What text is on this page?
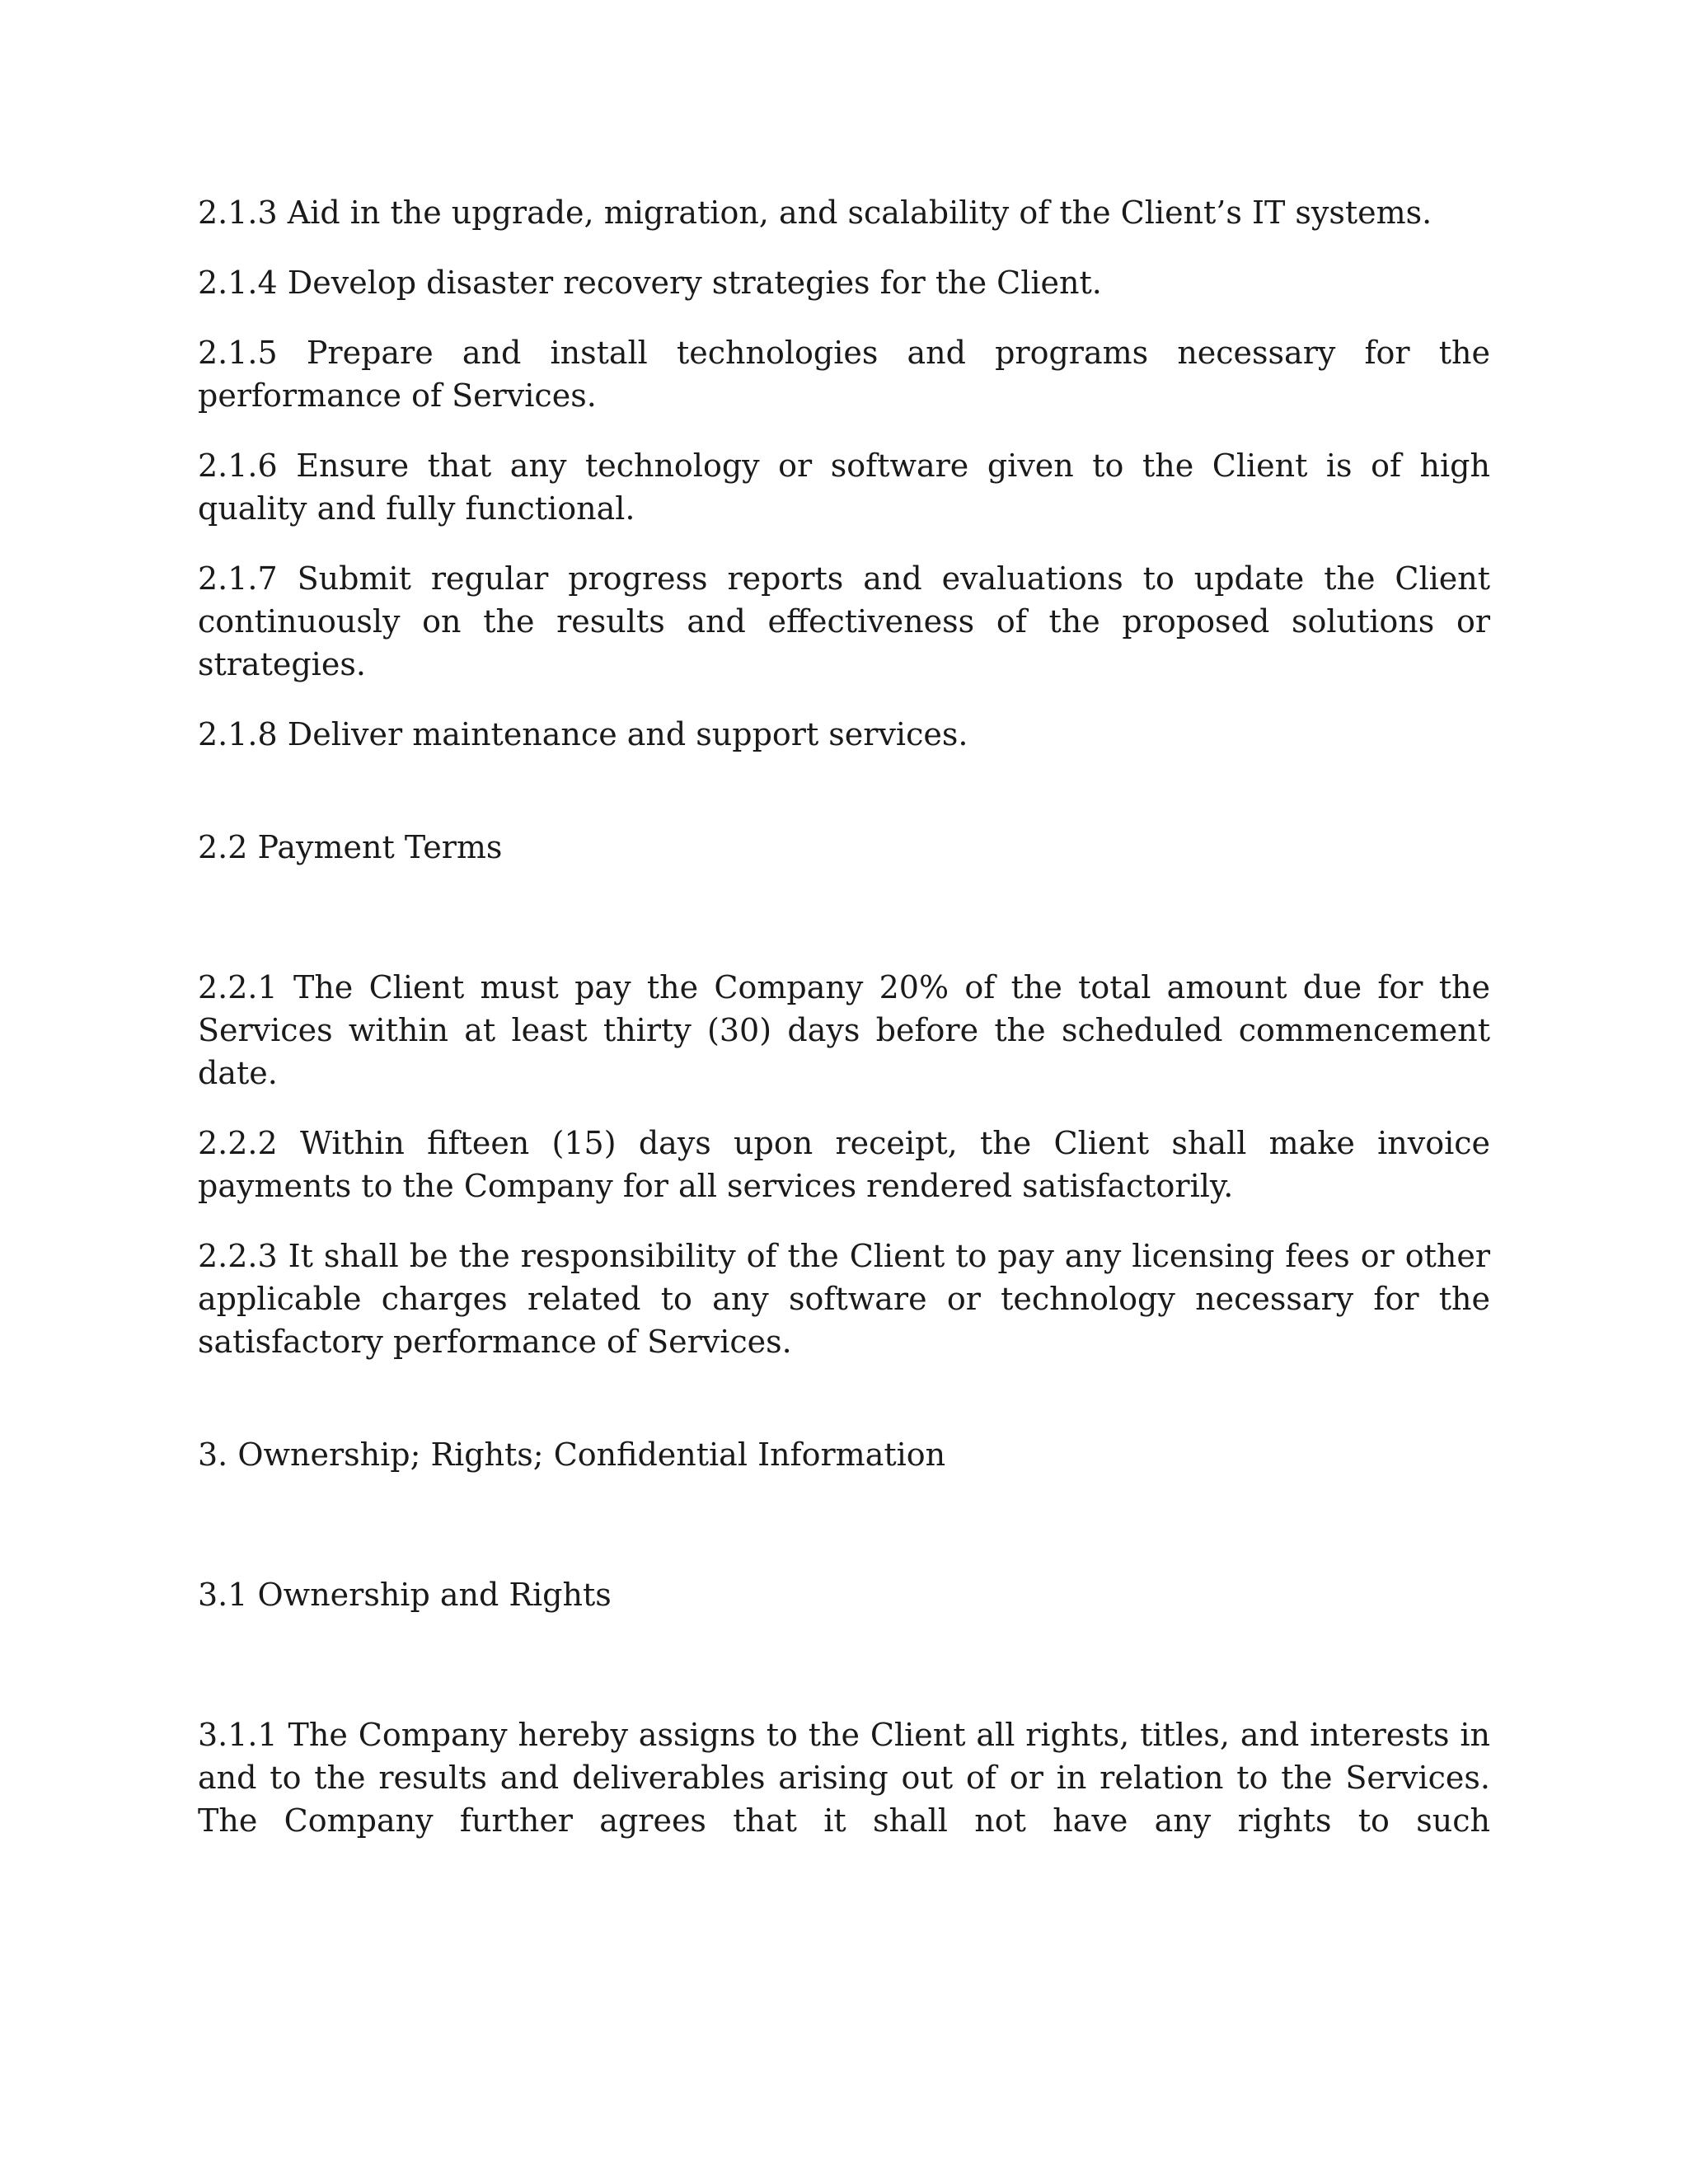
2.1.3 Aid in the upgrade, migration, and scalability of the Client’s IT systems.

2.1.4 Develop disaster recovery strategies for the Client.

2.1.5 Prepare and install technologies and programs necessary for the performance of Services.

2.1.6 Ensure that any technology or software given to the Client is of high quality and fully functional.

2.1.7 Submit regular progress reports and evaluations to update the Client continuously on the results and effectiveness of the proposed solutions or strategies.

2.1.8 Deliver maintenance and support services.

2.2 Payment Terms

2.2.1 The Client must pay the Company 20% of the total amount due for the Services within at least thirty (30) days before the scheduled commencement date.

2.2.2 Within fifteen (15) days upon receipt, the Client shall make invoice payments to the Company for all services rendered satisfactorily.

2.2.3 It shall be the responsibility of the Client to pay any licensing fees or other applicable charges related to any software or technology necessary for the satisfactory performance of Services.

3. Ownership; Rights; Confidential Information

3.1 Ownership and Rights

3.1.1 The Company hereby assigns to the Client all rights, titles, and interests in and to the results and deliverables arising out of or in relation to the Services. The Company further agrees that it shall not have any rights to such
